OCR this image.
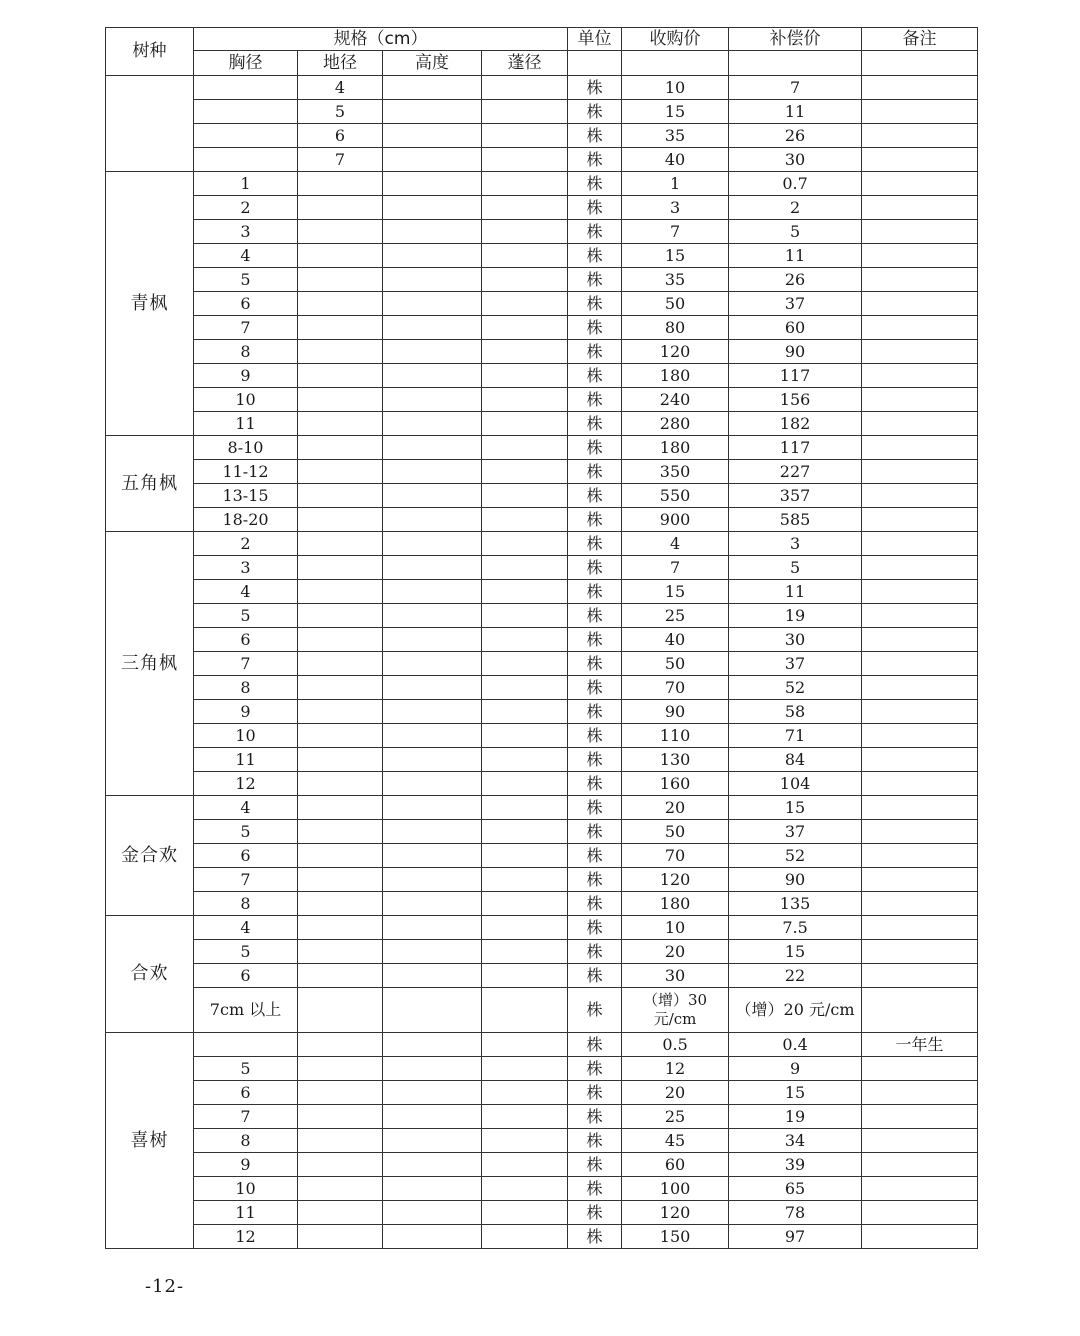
树种	规格（cm）				单位	收购价	补偿价	备注
	胸径	地径	高度	蓬径				
		4			株	10	7	
		5			株	15	11	
		6			株	35	26	
		7			株	40	30	
青枫	1				株	1	0.7	
	2				株	3	2	
	3				株	7	5	
	4				株	15	11	
	5				株	35	26	
	6				株	50	37	
	7				株	80	60	
	8				株	120	90	
	9				株	180	117	
	10				株	240	156	
	11				株	280	182	
五角枫	8-10				株	180	117	
	11-12				株	350	227	
	13-15				株	550	357	
	18-20				株	900	585	
三角枫	2				株	4	3	
	3				株	7	5	
	4				株	15	11	
	5				株	25	19	
	6				株	40	30	
	7				株	50	37	
	8				株	70	52	
	9				株	90	58	
	10				株	110	71	
	11				株	130	84	
	12				株	160	104	
金合欢	4				株	20	15	
	5				株	50	37	
	6				株	70	52	
	7				株	120	90	
	8				株	180	135	
合欢	4				株	10	7.5	
	5				株	20	15	
	6				株	30	22	
	7cm 以上				株	（增）30 元/cm	（增）20 元/cm	
喜树					株	0.5	0.4	一年生
	5				株	12	9	
	6				株	20	15	
	7				株	25	19	
	8				株	45	34	
	9				株	60	39	
	10				株	100	65	
	11				株	120	78	
	12				株	150	97	
-12-
